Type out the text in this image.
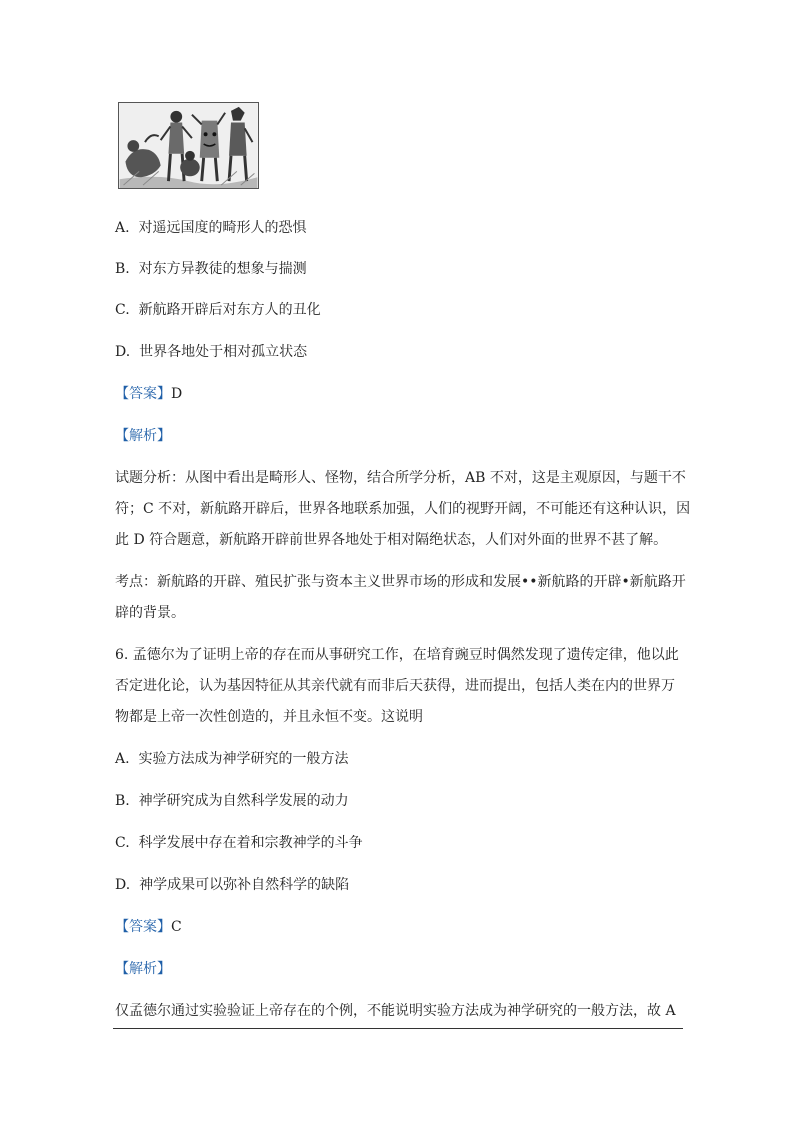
A. 对遥远国度的畸形人的恐惧
B. 对东方异教徒的想象与揣测
C. 新航路开辟后对东方人的丑化
D. 世界各地处于相对孤立状态
【答案】D
【解析】
试题分析：从图中看出是畸形人、怪物，结合所学分析，AB 不对，这是主观原因，与题干不
符；C 不对，新航路开辟后，世界各地联系加强，人们的视野开阔，不可能还有这种认识，因
此 D 符合题意，新航路开辟前世界各地处于相对隔绝状态，人们对外面的世界不甚了解。
考点：新航路的开辟、殖民扩张与资本主义世界市场的形成和发展••新航路的开辟•新航路开
辟的背景。
6. 孟德尔为了证明上帝的存在而从事研究工作，在培育豌豆时偶然发现了遗传定律，他以此
否定进化论，认为基因特征从其亲代就有而非后天获得，进而提出，包括人类在内的世界万
物都是上帝一次性创造的，并且永恒不变。这说明
A. 实验方法成为神学研究的一般方法
B. 神学研究成为自然科学发展的动力
C. 科学发展中存在着和宗教神学的斗争
D. 神学成果可以弥补自然科学的缺陷
【答案】C
【解析】
仅孟德尔通过实验验证上帝存在的个例，不能说明实验方法成为神学研究的一般方法，故 A
